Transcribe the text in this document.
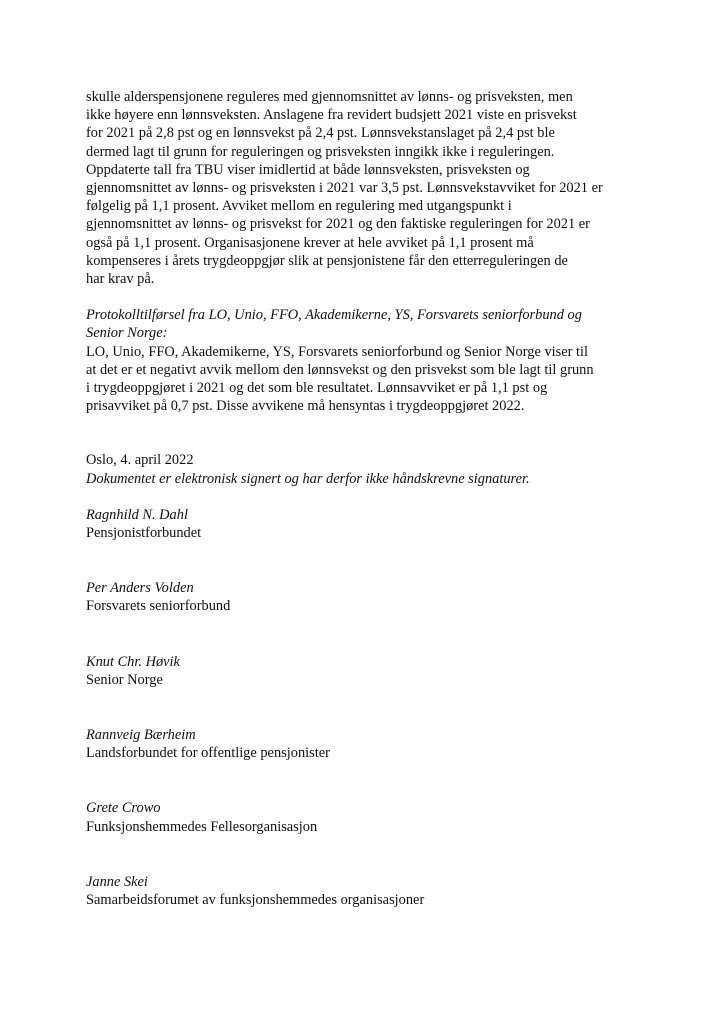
skulle alderspensjonene reguleres med gjennomsnittet av lønns- og prisveksten, men
ikke høyere enn lønnsveksten. Anslagene fra revidert budsjett 2021 viste en prisvekst
for 2021 på 2,8 pst og en lønnsvekst på 2,4 pst. Lønnsvekstanslaget på 2,4 pst ble
dermed lagt til grunn for reguleringen og prisveksten inngikk ikke i reguleringen.
Oppdaterte tall fra TBU viser imidlertid at både lønnsveksten, prisveksten og
gjennomsnittet av lønns- og prisveksten i 2021 var 3,5 pst. Lønnsvekstavviket for 2021 er
følgelig på 1,1 prosent. Avviket mellom en regulering med utgangspunkt i
gjennomsnittet av lønns- og prisvekst for 2021 og den faktiske reguleringen for 2021 er
også på 1,1 prosent. Organisasjonene krever at hele avviket på 1,1 prosent må
kompenseres i årets trygdeoppgjør slik at pensjonistene får den etterreguleringen de
har krav på.
Protokolltilførsel fra LO, Unio, FFO, Akademikerne, YS, Forsvarets seniorforbund og
Senior Norge:
LO, Unio, FFO, Akademikerne, YS, Forsvarets seniorforbund og Senior Norge viser til
at det er et negativt avvik mellom den lønnsvekst og den prisvekst som ble lagt til grunn
i trygdeoppgjøret i 2021 og det som ble resultatet. Lønnsavviket er på 1,1 pst og
prisavviket på 0,7 pst. Disse avvikene må hensyntas i trygdeoppgjøret 2022.
Oslo, 4. april 2022
Dokumentet er elektronisk signert og har derfor ikke håndskrevne signaturer.
Ragnhild N. Dahl
Pensjonistforbundet
Per Anders Volden
Forsvarets seniorforbund
Knut Chr. Høvik
Senior Norge
Rannveig Bærheim
Landsforbundet for offentlige pensjonister
Grete Crowo
Funksjonshemmedes Fellesorganisasjon
Janne Skei
Samarbeidsforumet av funksjonshemmedes organisasjoner
